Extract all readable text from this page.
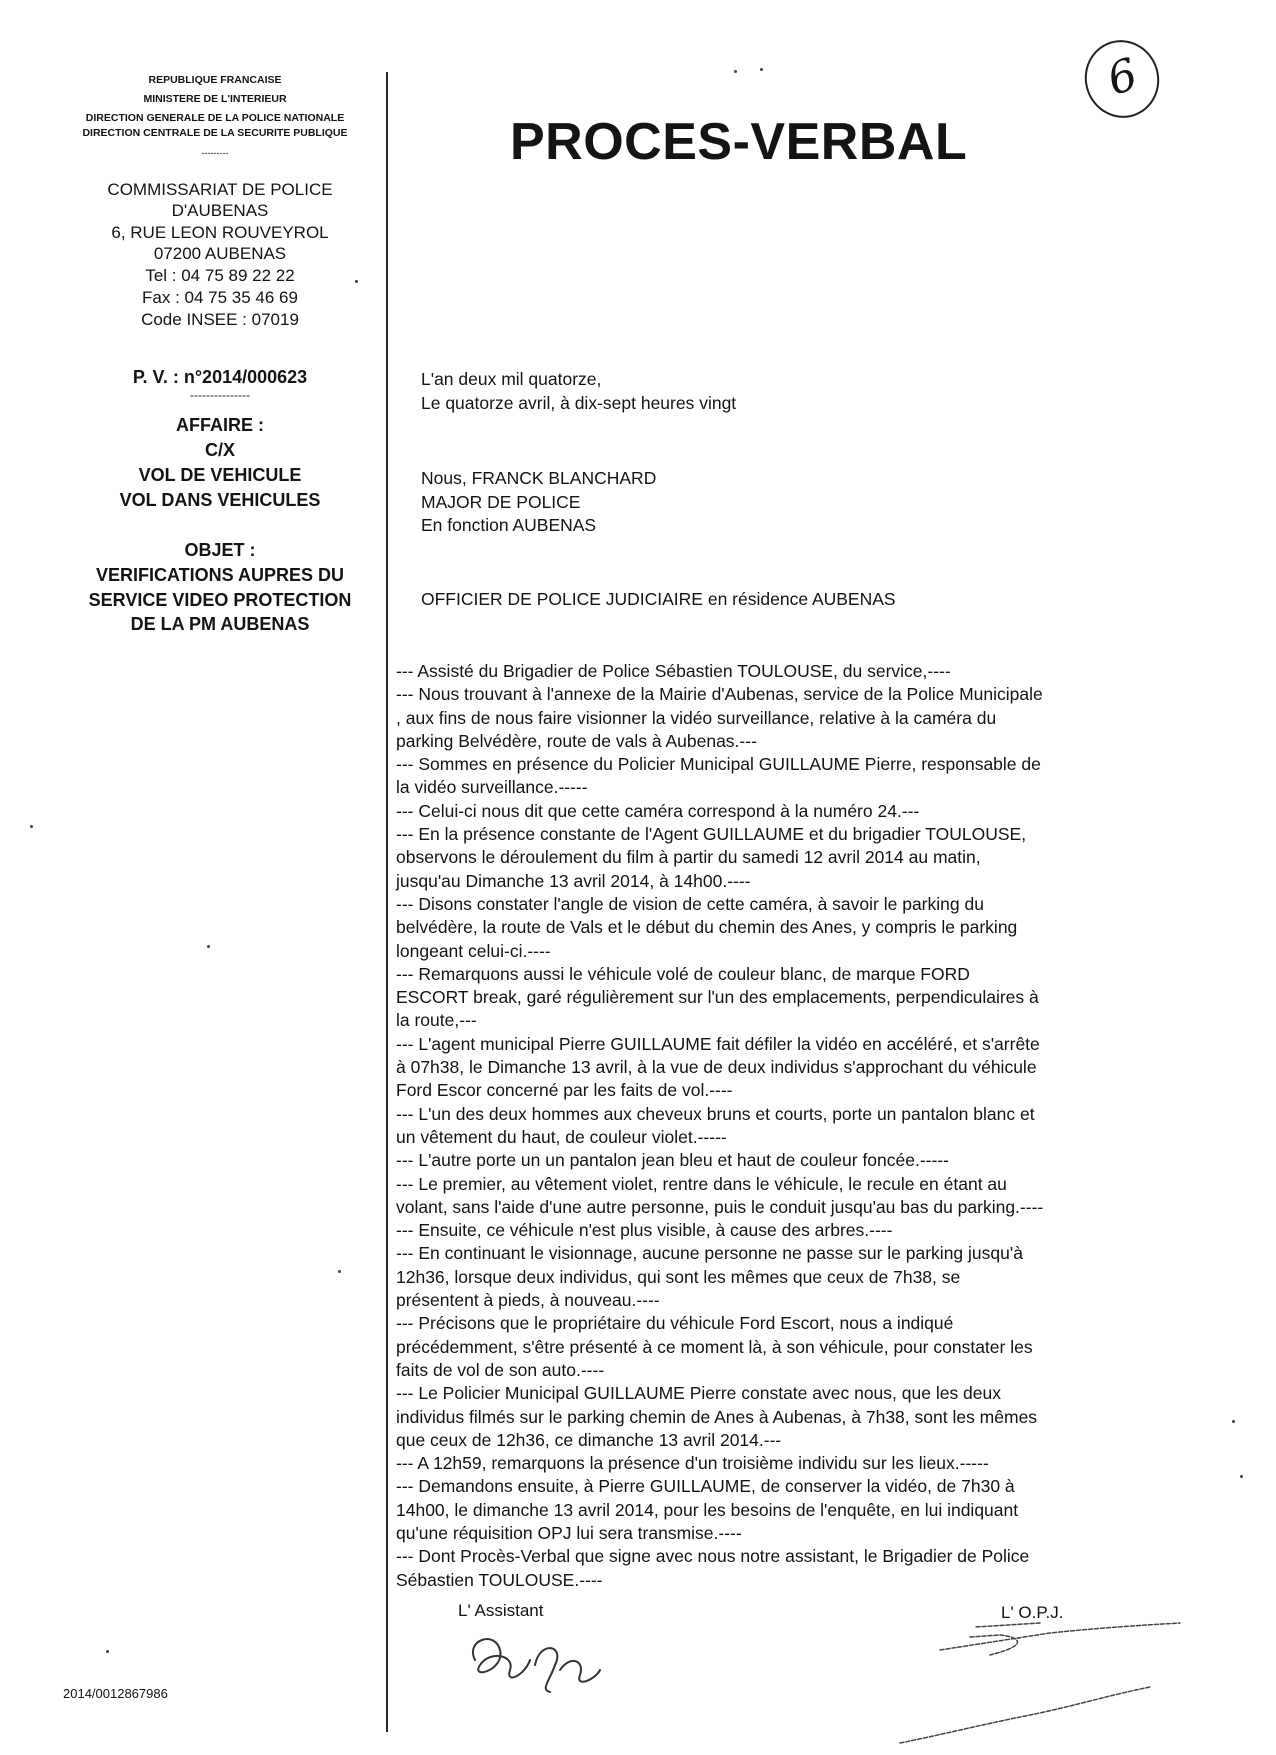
REPUBLIQUE FRANCAISE
MINISTERE DE L'INTERIEUR
DIRECTION GENERALE DE LA POLICE NATIONALE
DIRECTION CENTRALE DE LA SECURITE PUBLIQUE
---------
COMMISSARIAT DE POLICE
D'AUBENAS
6, RUE LEON ROUVEYROL
07200 AUBENAS
Tel : 04 75 89 22 22
Fax : 04 75 35 46 69
Code INSEE : 07019
P. V. : n°2014/000623
---------------
AFFAIRE :
C/X
VOL DE VEHICULE
VOL DANS VEHICULES
OBJET :
VERIFICATIONS AUPRES DU
SERVICE VIDEO PROTECTION
DE LA PM AUBENAS
PROCES-VERBAL
6
L'an deux mil quatorze,
Le quatorze avril, à dix-sept heures vingt
Nous, FRANCK BLANCHARD
MAJOR DE POLICE
En fonction AUBENAS
OFFICIER DE POLICE JUDICIAIRE en résidence AUBENAS
--- Assisté du Brigadier de Police Sébastien TOULOUSE, du service,----
--- Nous trouvant à l'annexe de la Mairie d'Aubenas, service de la Police Municipale
, aux fins de nous faire visionner la vidéo surveillance, relative à la caméra du
parking Belvédère, route de vals à Aubenas.---
--- Sommes en présence du Policier Municipal GUILLAUME Pierre, responsable de
la vidéo surveillance.-----
--- Celui-ci nous dit que cette caméra correspond à la numéro 24.---
--- En la présence constante de l'Agent GUILLAUME et du brigadier TOULOUSE,
observons le déroulement du film à partir du samedi 12 avril 2014 au matin,
jusqu'au Dimanche 13 avril 2014, à 14h00.----
--- Disons constater l'angle de vision de cette caméra, à savoir le parking du
belvédère, la route de Vals et le début du chemin des Anes, y compris le parking
longeant celui-ci.----
--- Remarquons aussi le véhicule volé de couleur blanc, de marque FORD
ESCORT break, garé régulièrement sur l'un des emplacements, perpendiculaires à
la route,---
--- L'agent municipal Pierre GUILLAUME fait défiler la vidéo en accéléré, et s'arrête
à 07h38, le Dimanche 13 avril, à la vue de deux individus s'approchant du véhicule
Ford Escor concerné par les faits de vol.----
--- L'un des deux hommes aux cheveux bruns et courts, porte un pantalon blanc et
un vêtement du haut, de couleur violet.-----
--- L'autre porte un un pantalon jean bleu et haut de couleur foncée.-----
--- Le premier, au vêtement violet, rentre dans le véhicule, le recule en étant au
volant, sans l'aide d'une autre personne, puis le conduit jusqu'au bas du parking.----
--- Ensuite, ce véhicule n'est plus visible, à cause des arbres.----
--- En continuant le visionnage, aucune personne ne passe sur le parking jusqu'à
12h36, lorsque deux individus, qui sont les mêmes que ceux de 7h38, se
présentent à pieds, à nouveau.----
--- Précisons que le propriétaire du véhicule Ford Escort, nous a indiqué
précédemment, s'être présenté à ce moment là, à son véhicule, pour constater les
faits de vol de son auto.----
--- Le Policier Municipal GUILLAUME Pierre constate avec nous, que les deux
individus filmés sur le parking chemin de Anes à Aubenas, à 7h38, sont les mêmes
que ceux de 12h36, ce dimanche 13 avril 2014.---
--- A 12h59, remarquons la présence d'un troisième individu sur les lieux.-----
--- Demandons ensuite, à Pierre GUILLAUME, de conserver la vidéo, de 7h30 à
14h00, le dimanche 13 avril 2014, pour les besoins de l'enquête, en lui indiquant
qu'une réquisition OPJ lui sera transmise.----
--- Dont Procès-Verbal que signe avec nous notre assistant, le Brigadier de Police
Sébastien TOULOUSE.----
L' Assistant	L' O.P.J.
2014/0012867986
